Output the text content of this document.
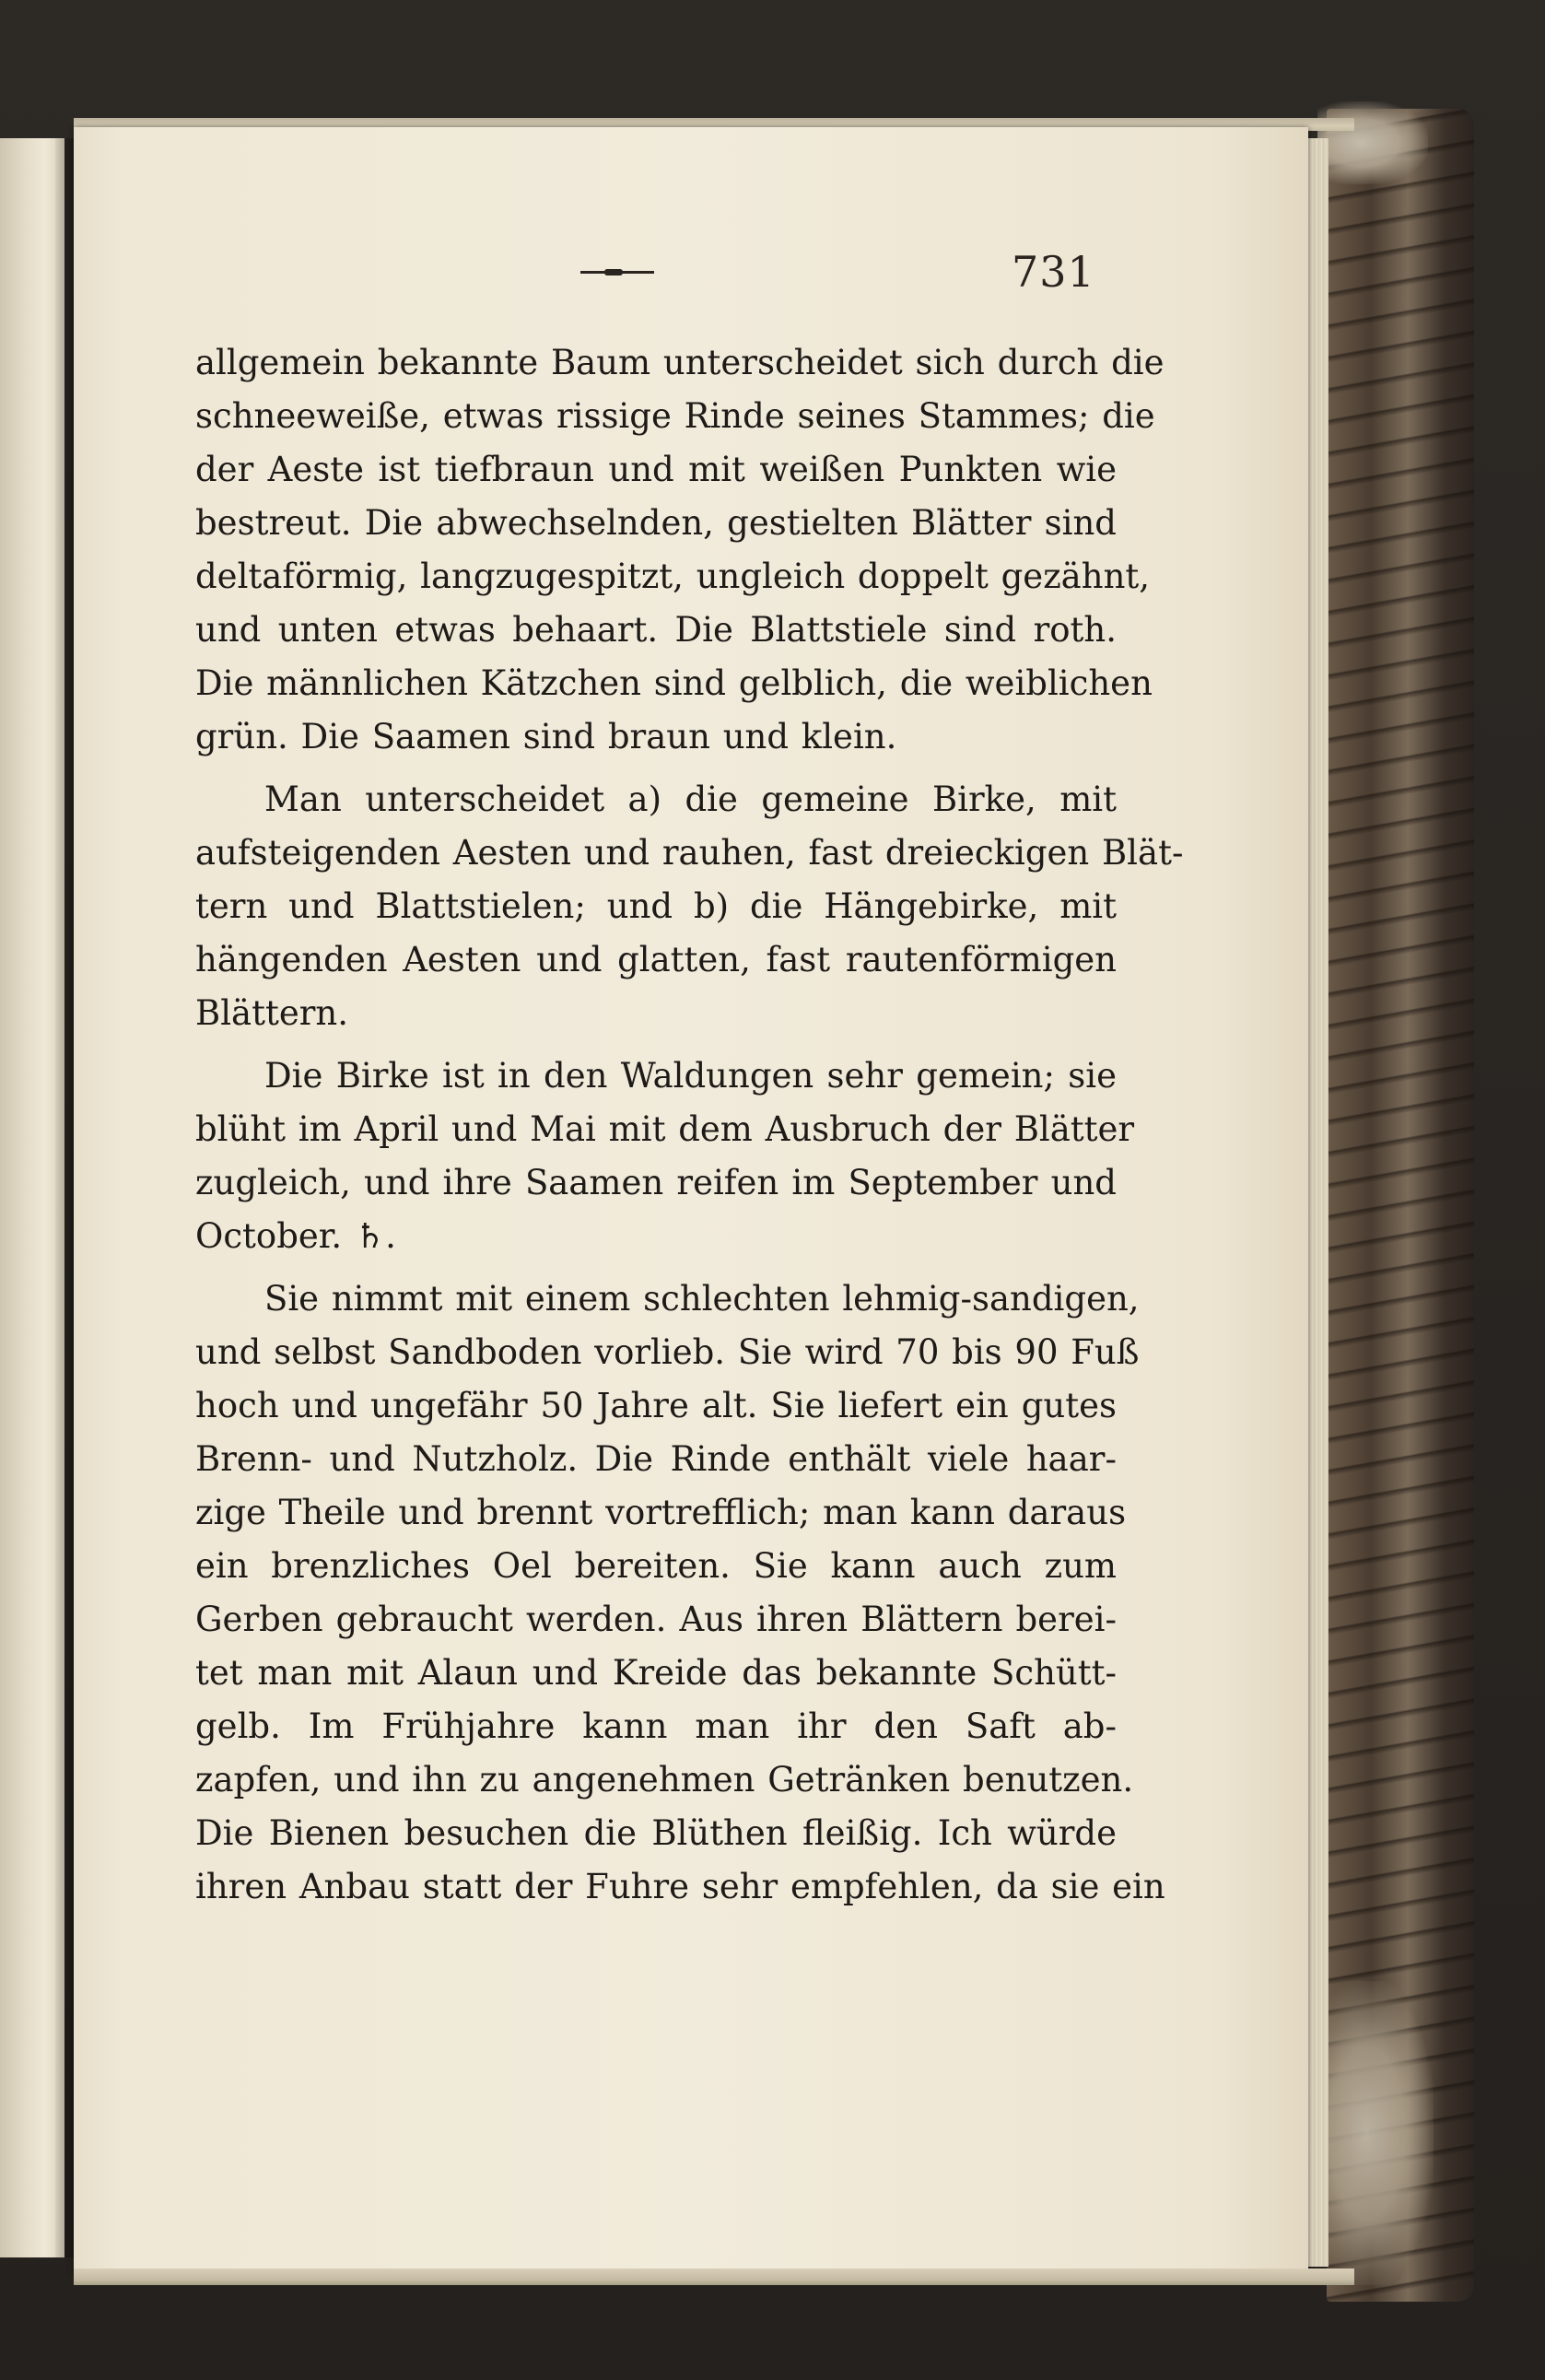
731
allgemein bekannte Baum unterscheidet sich durch die
schneeweiße, etwas rissige Rinde seines Stammes; die
der Aeste ist tiefbraun und mit weißen Punkten wie
bestreut. Die abwechselnden, gestielten Blätter sind
deltaförmig, langzugespitzt, ungleich doppelt gezähnt,
und unten etwas behaart. Die Blattstiele sind roth.
Die männlichen Kätzchen sind gelblich, die weiblichen
grün. Die Saamen sind braun und klein.
Man unterscheidet a) die gemeine Birke, mit
aufsteigenden Aesten und rauhen, fast dreieckigen Blät-
tern und Blattstielen; und b) die Hängebirke, mit
hängenden Aesten und glatten, fast rautenförmigen
Blättern.
Die Birke ist in den Waldungen sehr gemein; sie
blüht im April und Mai mit dem Ausbruch der Blätter
zugleich, und ihre Saamen reifen im September und
October. ♄.
Sie nimmt mit einem schlechten lehmig-sandigen,
und selbst Sandboden vorlieb. Sie wird 70 bis 90 Fuß
hoch und ungefähr 50 Jahre alt. Sie liefert ein gutes
Brenn- und Nutzholz. Die Rinde enthält viele haar-
zige Theile und brennt vortrefflich; man kann daraus
ein brenzliches Oel bereiten. Sie kann auch zum
Gerben gebraucht werden. Aus ihren Blättern berei-
tet man mit Alaun und Kreide das bekannte Schütt-
gelb. Im Frühjahre kann man ihr den Saft ab-
zapfen, und ihn zu angenehmen Getränken benutzen.
Die Bienen besuchen die Blüthen fleißig. Ich würde
ihren Anbau statt der Fuhre sehr empfehlen, da sie ein
